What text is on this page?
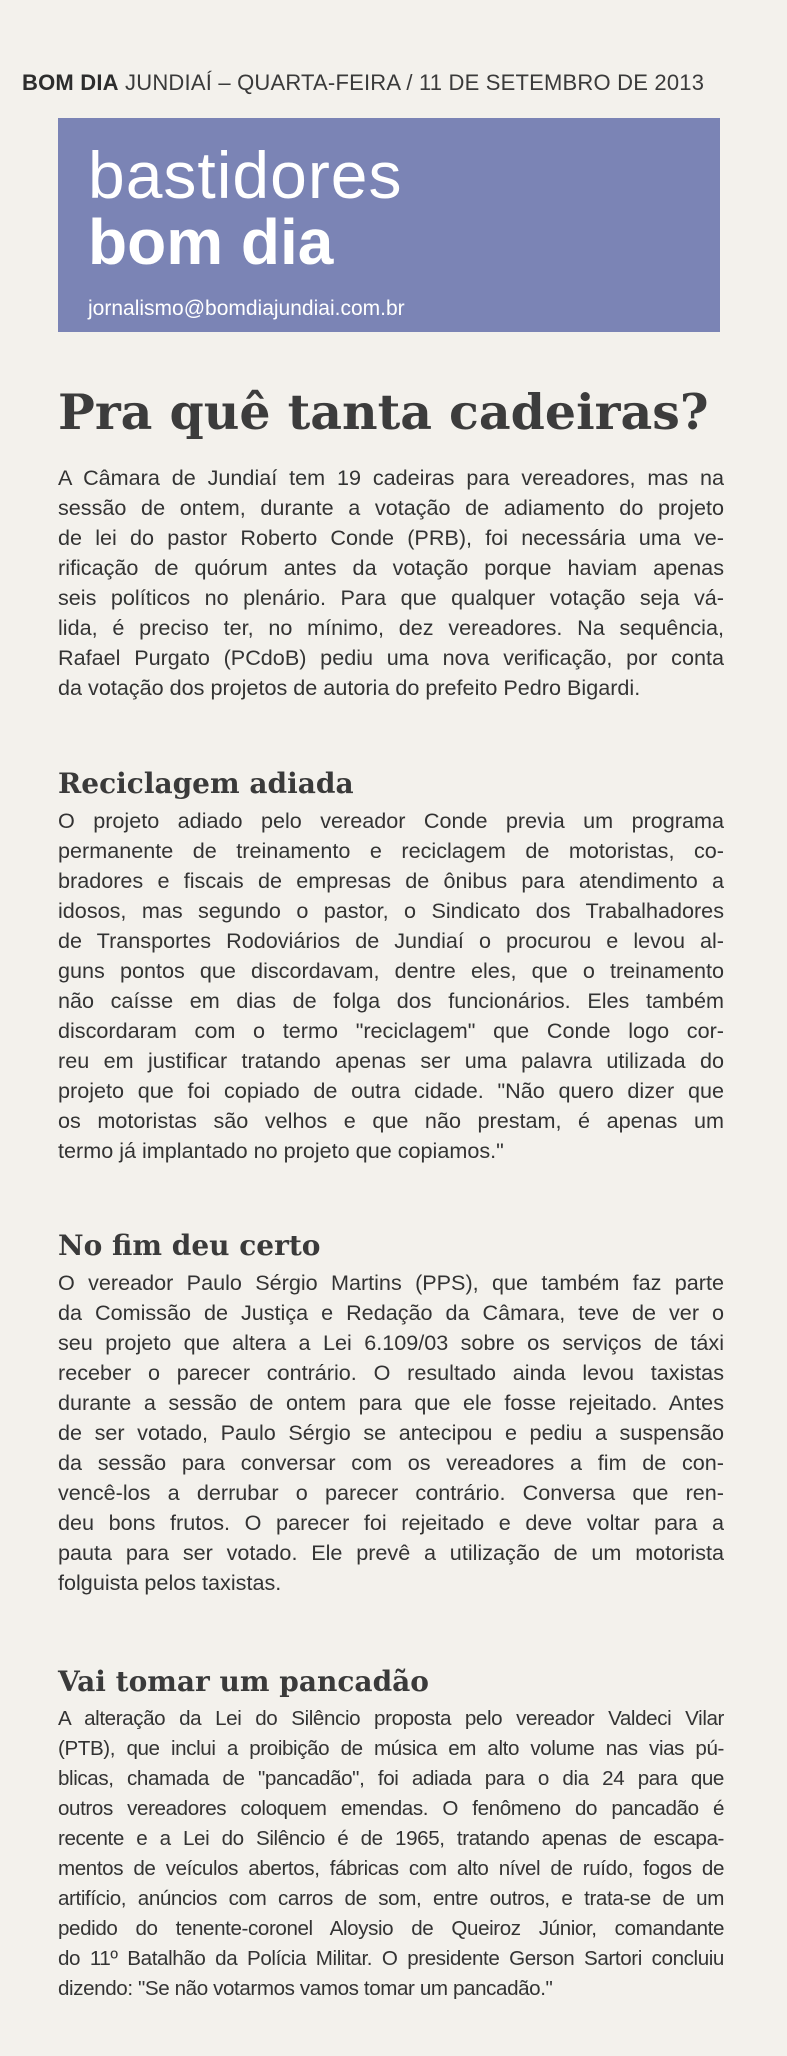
BOM DIA JUNDIAÍ – QUARTA-FEIRA / 11 DE SETEMBRO DE 2013
bastidores
bom dia
jornalismo@bomdiajundiai.com.br
Pra quê tanta cadeiras?
A Câmara de Jundiaí tem 19 cadeiras para vereadores, mas na
sessão de ontem, durante a votação de adiamento do projeto
de lei do pastor Roberto Conde (PRB), foi necessária uma ve-
rificação de quórum antes da votação porque haviam apenas
seis políticos no plenário. Para que qualquer votação seja vá-
lida, é preciso ter, no mínimo, dez vereadores. Na sequência,
Rafael Purgato (PCdoB) pediu uma nova verificação, por conta
da votação dos projetos de autoria do prefeito Pedro Bigardi.
Reciclagem adiada
O projeto adiado pelo vereador Conde previa um programa
permanente de treinamento e reciclagem de motoristas, co-
bradores e fiscais de empresas de ônibus para atendimento a
idosos, mas segundo o pastor, o Sindicato dos Trabalhadores
de Transportes Rodoviários de Jundiaí o procurou e levou al-
guns pontos que discordavam, dentre eles, que o treinamento
não caísse em dias de folga dos funcionários. Eles também
discordaram com o termo "reciclagem" que Conde logo cor-
reu em justificar tratando apenas ser uma palavra utilizada do
projeto que foi copiado de outra cidade. "Não quero dizer que
os motoristas são velhos e que não prestam, é apenas um
termo já implantado no projeto que copiamos."
No fim deu certo
O vereador Paulo Sérgio Martins (PPS), que também faz parte
da Comissão de Justiça e Redação da Câmara, teve de ver o
seu projeto que altera a Lei 6.109/03 sobre os serviços de táxi
receber o parecer contrário. O resultado ainda levou taxistas
durante a sessão de ontem para que ele fosse rejeitado. Antes
de ser votado, Paulo Sérgio se antecipou e pediu a suspensão
da sessão para conversar com os vereadores a fim de con-
vencê-los a derrubar o parecer contrário. Conversa que ren-
deu bons frutos. O parecer foi rejeitado e deve voltar para a
pauta para ser votado. Ele prevê a utilização de um motorista
folguista pelos taxistas.
Vai tomar um pancadão
A alteração da Lei do Silêncio proposta pelo vereador Valdeci Vilar
(PTB), que inclui a proibição de música em alto volume nas vias pú-
blicas, chamada de "pancadão", foi adiada para o dia 24 para que
outros vereadores coloquem emendas. O fenômeno do pancadão é
recente e a Lei do Silêncio é de 1965, tratando apenas de escapa-
mentos de veículos abertos, fábricas com alto nível de ruído, fogos de
artifício, anúncios com carros de som, entre outros, e trata-se de um
pedido do tenente-coronel Aloysio de Queiroz Júnior, comandante
do 11º Batalhão da Polícia Militar. O presidente Gerson Sartori concluiu
dizendo: "Se não votarmos vamos tomar um pancadão."
